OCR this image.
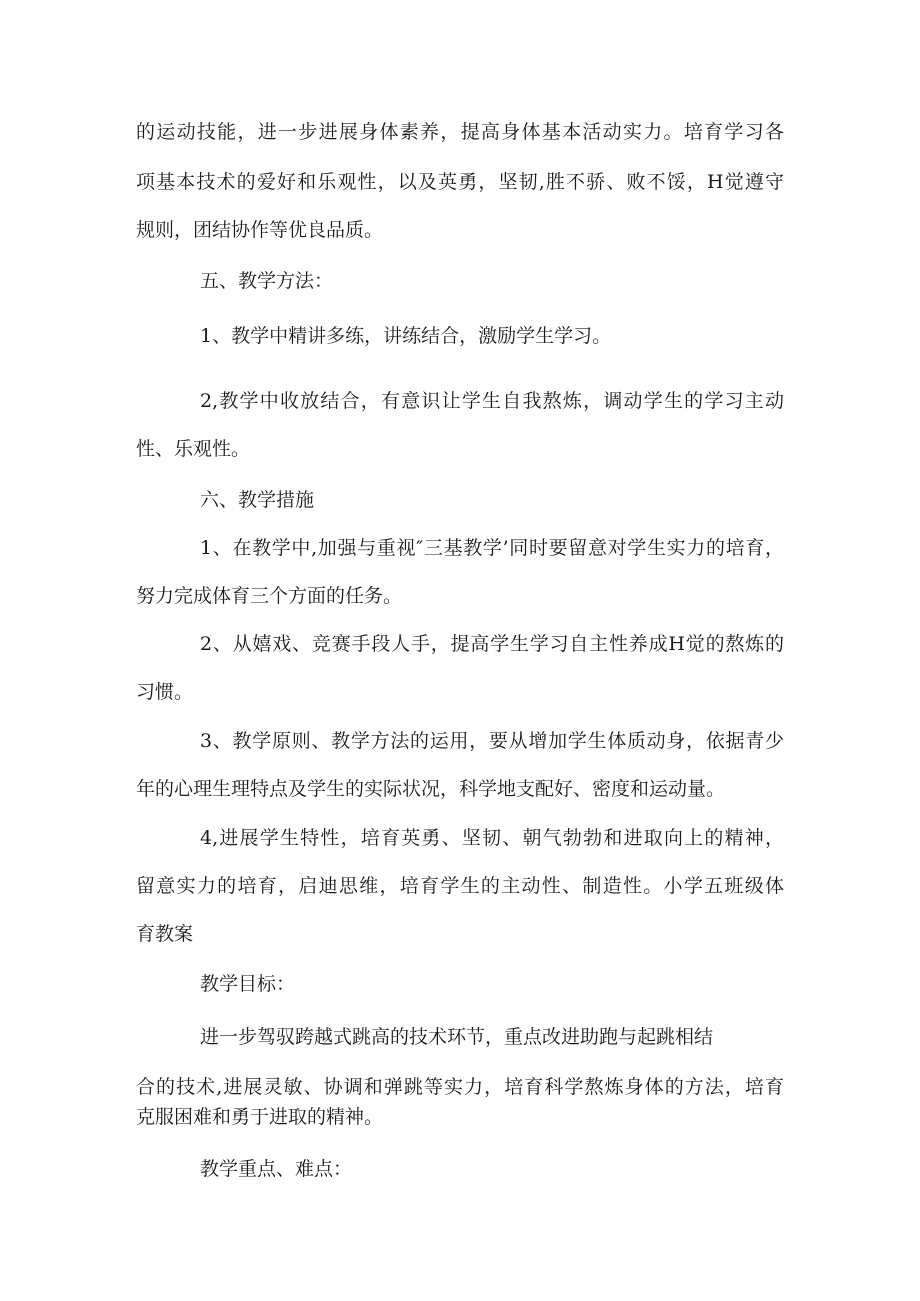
的运动技能，进一步进展身体素养，提高身体基本活动实力。培育学习各
项基本技术的爱好和乐观性，以及英勇，坚韧,胜不骄、败不馁，H觉遵守
规则，团结协作等优良品质。
五、教学方法：
1、教学中精讲多练，讲练结合，激励学生学习。
2,教学中收放结合，有意识让学生自我熬炼，调动学生的学习主动
性、乐观性。
六、教学措施
1、在教学中,加强与重视″三基教学’同时要留意对学生实力的培育，
努力完成体育三个方面的任务。
2、从嬉戏、竞赛手段人手，提高学生学习自主性养成H觉的熬炼的
习惯。
3、教学原则、教学方法的运用，要从增加学生体质动身，依据青少
年的心理生理特点及学生的实际状况，科学地支配好、密度和运动量。
4,进展学生特性，培育英勇、坚韧、朝气勃勃和进取向上的精神，
留意实力的培育，启迪思维，培育学生的主动性、制造性。小学五班级体
育教案
教学目标：
进一步驾驭跨越式跳高的技术环节，重点改进助跑与起跳相结
合的技术,进展灵敏、协调和弹跳等实力，培育科学熬炼身体的方法，培育
克服困难和勇于进取的精神。
教学重点、难点：
